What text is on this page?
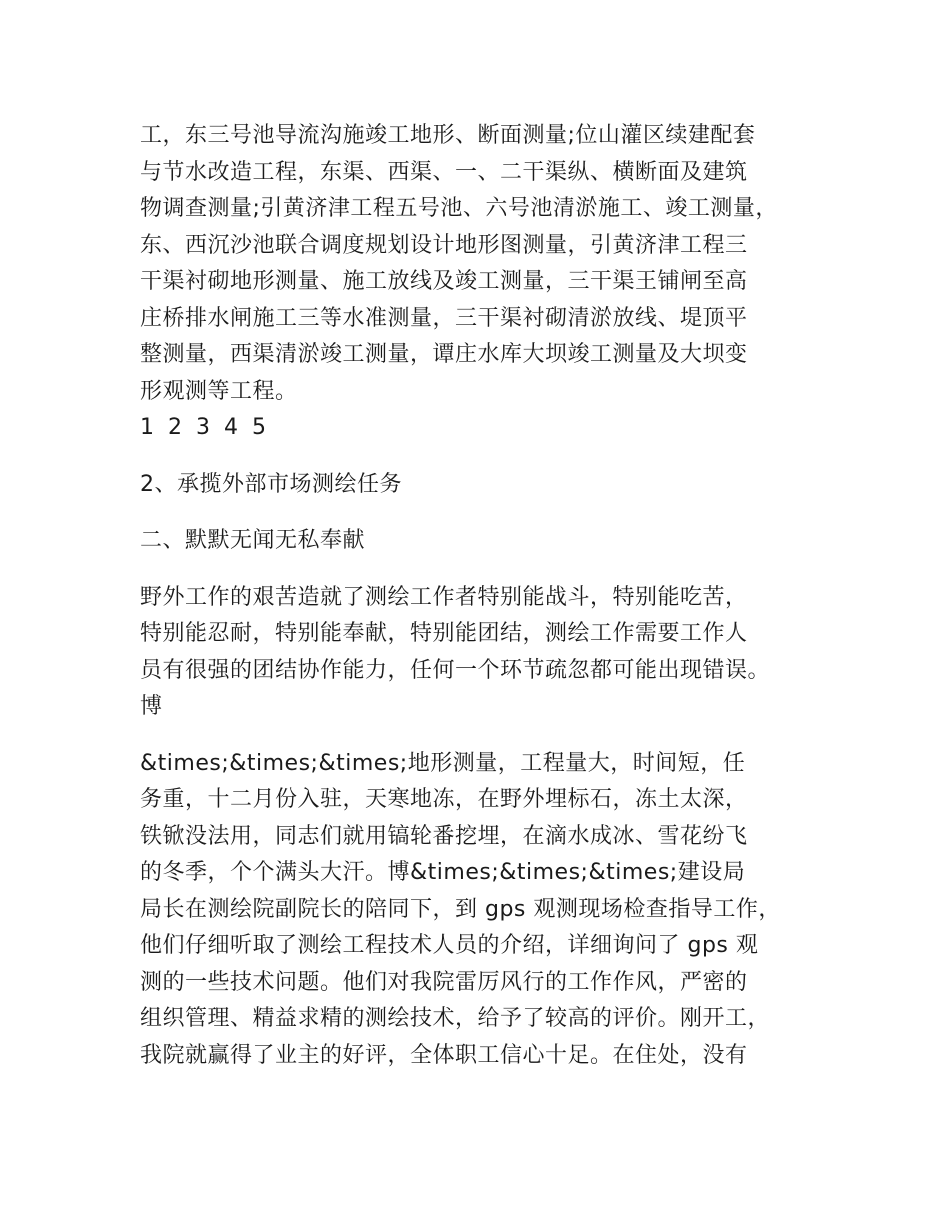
工，东三号池导流沟施竣工地形、断面测量;位山灌区续建配套
与节水改造工程，东渠、西渠、一、二干渠纵、横断面及建筑
物调查测量;引黄济津工程五号池、六号池清淤施工、竣工测量，
东、西沉沙池联合调度规划设计地形图测量，引黄济津工程三
干渠衬砌地形测量、施工放线及竣工测量，三干渠王铺闸至高
庄桥排水闸施工三等水准测量，三干渠衬砌清淤放线、堤顶平
整测量，西渠清淤竣工测量，谭庄水库大坝竣工测量及大坝变
形观测等工程。

1 2 3 4 5

2、承揽外部市场测绘任务

二、默默无闻无私奉献

野外工作的艰苦造就了测绘工作者特别能战斗，特别能吃苦，
特别能忍耐，特别能奉献，特别能团结，测绘工作需要工作人
员有很强的团结协作能力，任何一个环节疏忽都可能出现错误。
博

&times;&times;&times;地形测量，工程量大，时间短，任
务重，十二月份入驻，天寒地冻，在野外埋标石，冻土太深，
铁锨没法用，同志们就用镐轮番挖埋，在滴水成冰、雪花纷飞
的冬季，个个满头大汗。博&times;&times;&times;建设局
局长在测绘院副院长的陪同下，到 gps 观测现场检查指导工作，
他们仔细听取了测绘工程技术人员的介绍，详细询问了 gps 观
测的一些技术问题。他们对我院雷厉风行的工作作风，严密的
组织管理、精益求精的测绘技术，给予了较高的评价。刚开工，
我院就赢得了业主的好评，全体职工信心十足。在住处，没有
